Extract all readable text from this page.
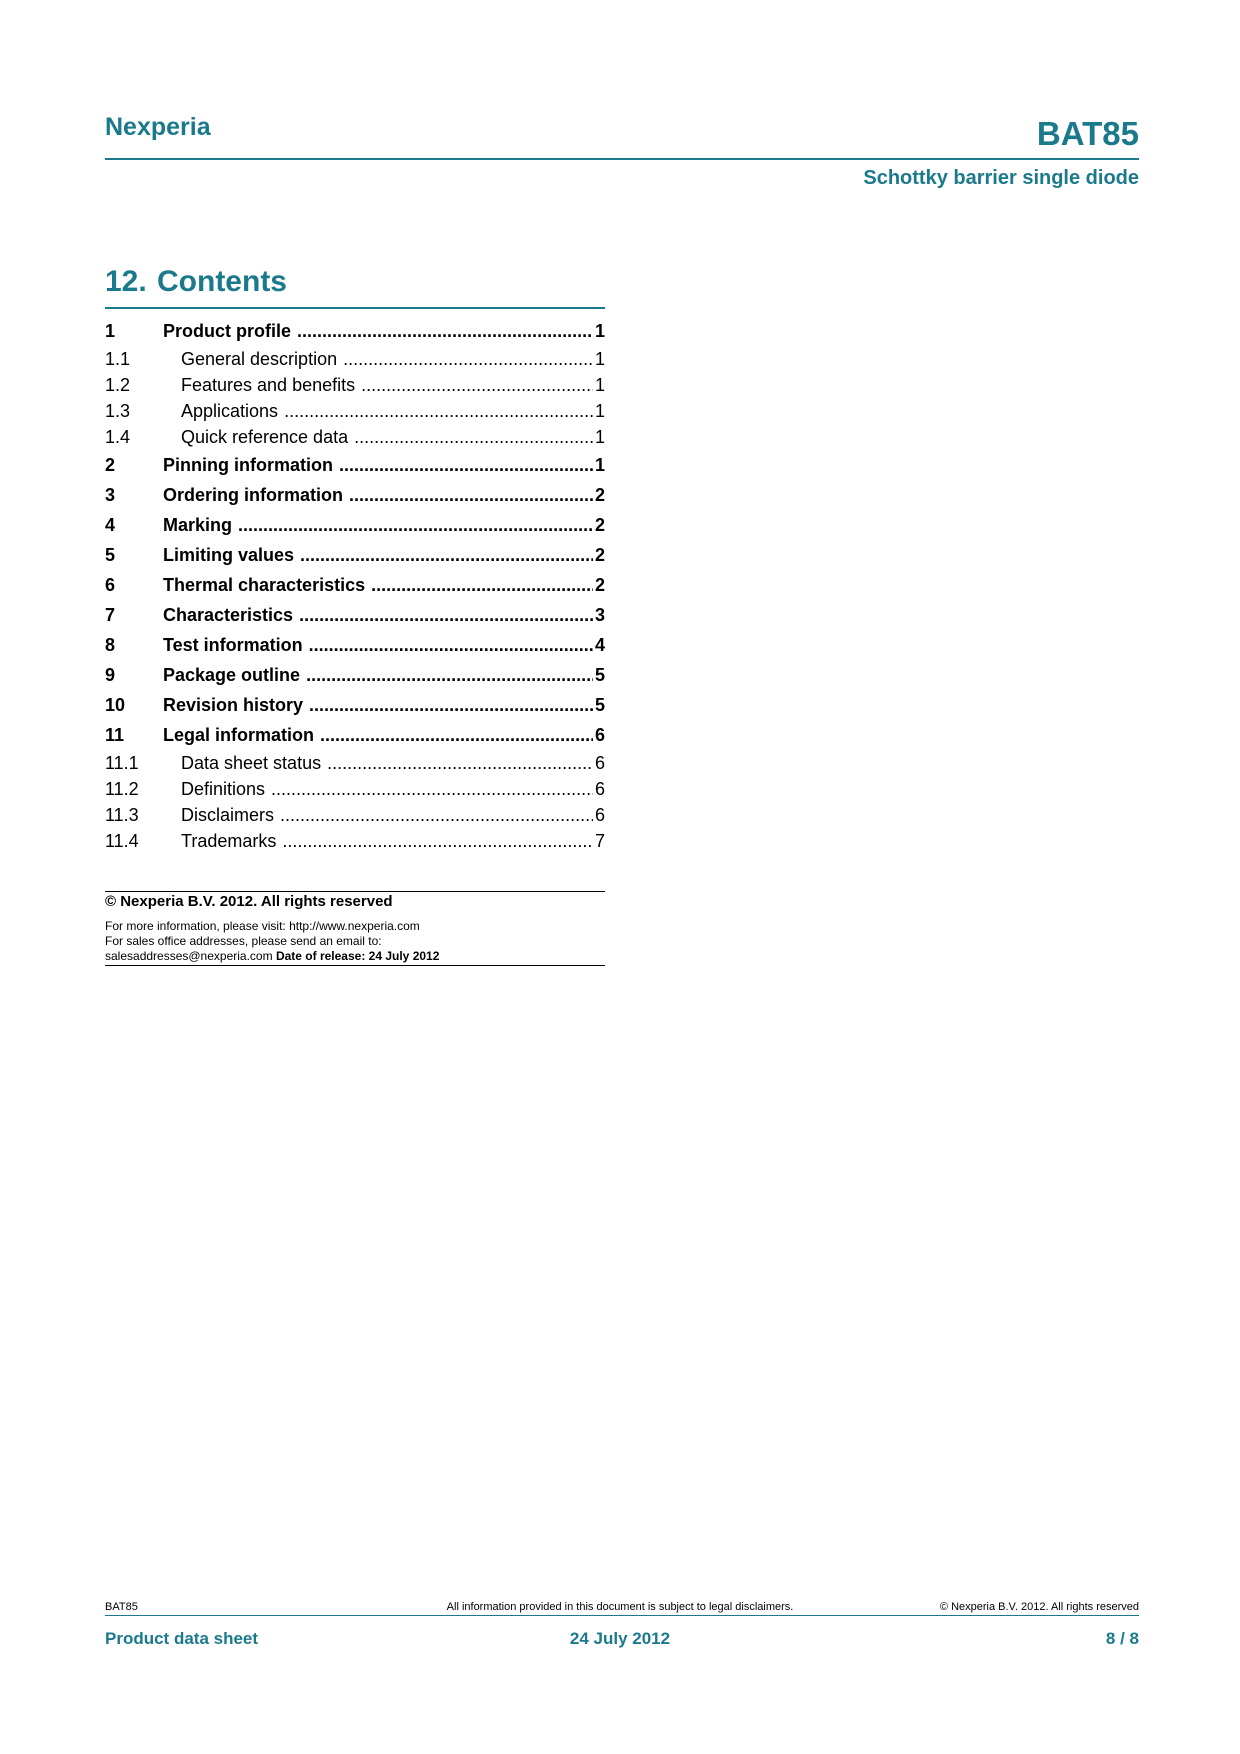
Nexperia	BAT85
Schottky barrier single diode
12. Contents
1	Product profile .....	1
1.1	General description .....	1
1.2	Features and benefits .....	1
1.3	Applications .....	1
1.4	Quick reference data .....	1
2	Pinning information .....	1
3	Ordering information .....	2
4	Marking .....	2
5	Limiting values .....	2
6	Thermal characteristics .....	2
7	Characteristics .....	3
8	Test information .....	4
9	Package outline .....	5
10	Revision history .....	5
11	Legal information .....	6
11.1	Data sheet status .....	6
11.2	Definitions .....	6
11.3	Disclaimers .....	6
11.4	Trademarks .....	7
© Nexperia B.V. 2012. All rights reserved
For more information, please visit: http://www.nexperia.com
For sales office addresses, please send an email to:
salesaddresses@nexperia.com Date of release: 24 July 2012
BAT85	All information provided in this document is subject to legal disclaimers.	© Nexperia B.V. 2012. All rights reserved
Product data sheet	24 July 2012	8 / 8
